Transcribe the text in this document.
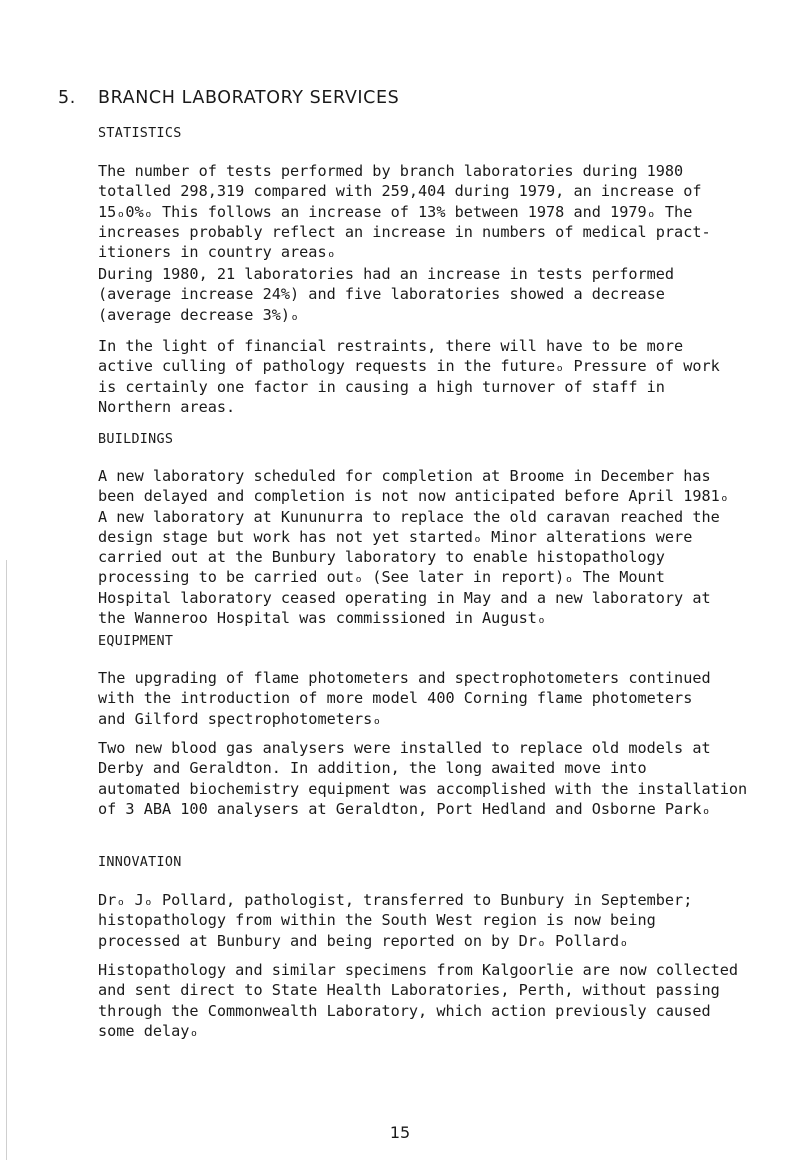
5. BRANCH LABORATORY SERVICES
STATISTICS
The number of tests performed by branch laboratories during 1980
totalled 298,319 compared with 259,404 during 1979, an increase of
15ₒ0%ₒ This follows an increase of 13% between 1978 and 1979ₒ The
increases probably reflect an increase in numbers of medical pract-
itioners in country areasₒ
During 1980, 21 laboratories had an increase in tests performed
(average increase 24%) and five laboratories showed a decrease
(average decrease 3%)ₒ
In the light of financial restraints, there will have to be more
active culling of pathology requests in the futureₒ Pressure of work
is certainly one factor in causing a high turnover of staff in
Northern areas.
BUILDINGS
A new laboratory scheduled for completion at Broome in December has
been delayed and completion is not now anticipated before April 1981ₒ
A new laboratory at Kununurra to replace the old caravan reached the
design stage but work has not yet startedₒ Minor alterations were
carried out at the Bunbury laboratory to enable histopathology
processing to be carried outₒ (See later in report)ₒ The Mount
Hospital laboratory ceased operating in May and a new laboratory at
the Wanneroo Hospital was commissioned in Augustₒ
EQUIPMENT
The upgrading of flame photometers and spectrophotometers continued
with the introduction of more model 400 Corning flame photometers
and Gilford spectrophotometersₒ
Two new blood gas analysers were installed to replace old models at
Derby and Geraldton. In addition, the long awaited move into
automated biochemistry equipment was accomplished with the installation
of 3 ABA 100 analysers at Geraldton, Port Hedland and Osborne Parkₒ
INNOVATION
Drₒ Jₒ Pollard, pathologist, transferred to Bunbury in September;
histopathology from within the South West region is now being
processed at Bunbury and being reported on by Drₒ Pollardₒ
Histopathology and similar specimens from Kalgoorlie are now collected
and sent direct to State Health Laboratories, Perth, without passing
through the Commonwealth Laboratory, which action previously caused
some delayₒ
15
